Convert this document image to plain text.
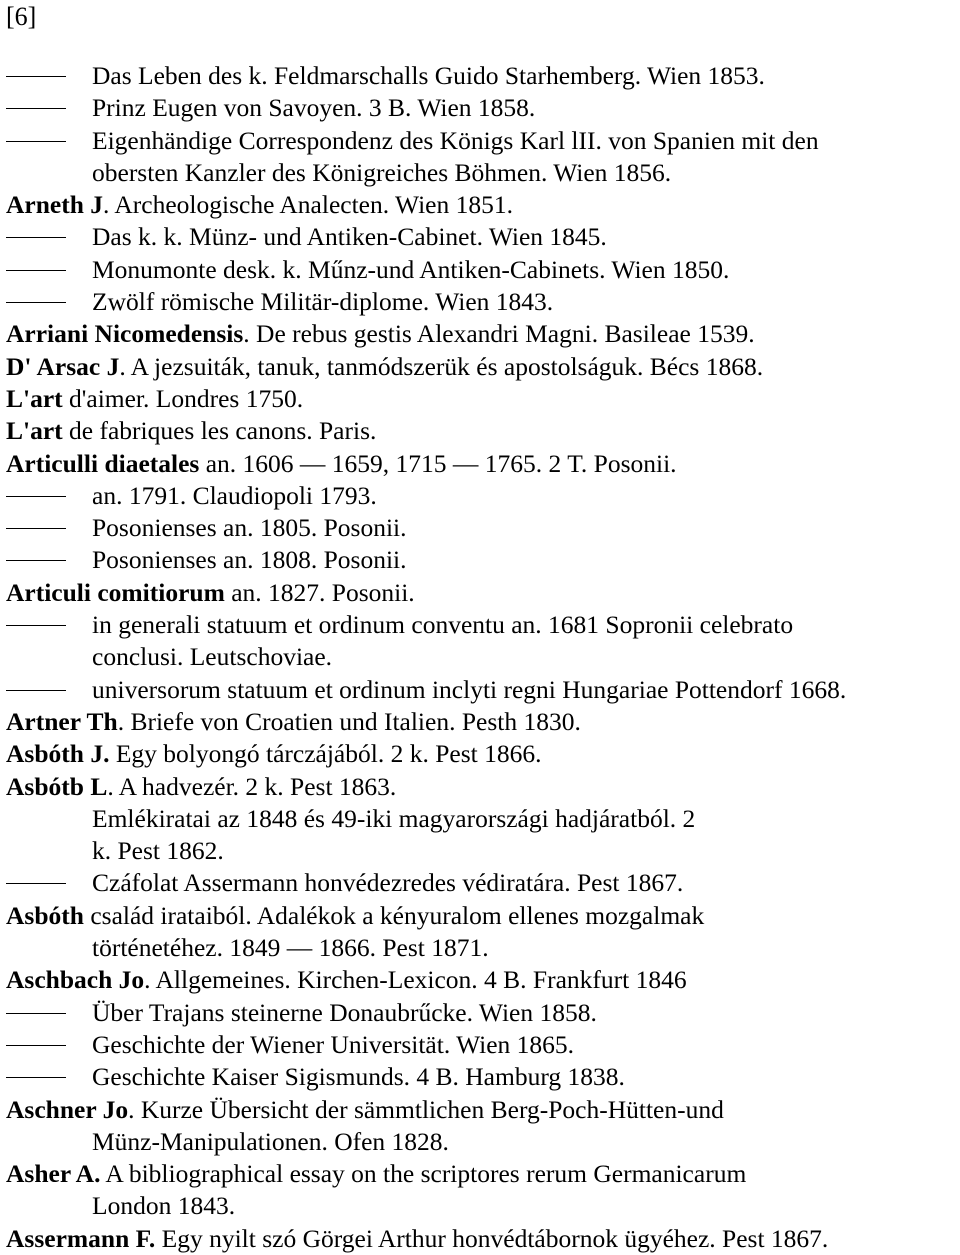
[6]
Das Leben des k. Feldmarschalls Guido Starhemberg. Wien 1853.
Prinz Eugen von Savoyen. 3 B. Wien 1858.
Eigenhändige Correspondenz des Königs Karl lII. von Spanien mit den
obersten Kanzler des Königreiches Böhmen. Wien 1856.
Arneth J. Archeologische Analecten. Wien 1851.
Das k. k. Münz- und Antiken-Cabinet. Wien 1845.
Monumonte desk. k. Műnz-und Antiken-Cabinets. Wien 1850.
Zwölf römische Militär-diplome. Wien 1843.
Arriani Nicomedensis. De rebus gestis Alexandri Magni. Basileae 1539.
D' Arsac J. A jezsuiták, tanuk, tanmódszerük és apostolságuk. Bécs 1868.
L'art d'aimer. Londres 1750.
L'art de fabriques les canons. Paris.
Articulli diaetales an. 1606 — 1659, 1715 — 1765. 2 T. Posonii.
an. 1791. Claudiopoli 1793.
Posonienses an. 1805. Posonii.
Posonienses an. 1808. Posonii.
Articuli comitiorum an. 1827. Posonii.
in generali statuum et ordinum conventu an. 1681 Sopronii celebrato
conclusi. Leutschoviae.
universorum statuum et ordinum inclyti regni Hungariae Pottendorf 1668.
Artner Th. Briefe von Croatien und Italien. Pesth 1830.
Asbóth J. Egy bolyongó tárczájából. 2 k. Pest 1866.
Asbótb L. A hadvezér. 2 k. Pest 1863.
Emlékiratai az 1848 és 49-iki magyarországi hadjáratból. 2
k. Pest 1862.
Czáfolat Assermann honvédezredes védiratára. Pest 1867.
Asbóth család irataiból. Adalékok a kényuralom ellenes mozgalmak
történetéhez. 1849 — 1866. Pest 1871.
Aschbach Jo. Allgemeines. Kirchen-Lexicon. 4 B. Frankfurt 1846
Über Trajans steinerne Donaubrűcke. Wien 1858.
Geschichte der Wiener Universität. Wien 1865.
Geschichte Kaiser Sigismunds. 4 B. Hamburg 1838.
Aschner Jo. Kurze Übersicht der sämmtlichen Berg-Poch-Hütten-und
Münz-Manipulationen. Ofen 1828.
Asher A. A bibliographical essay on the scriptores rerum Germanicarum
London 1843.
Assermann F. Egy nyilt szó Görgei Arthur honvédtábornok ügyéhez. Pest 1867.
